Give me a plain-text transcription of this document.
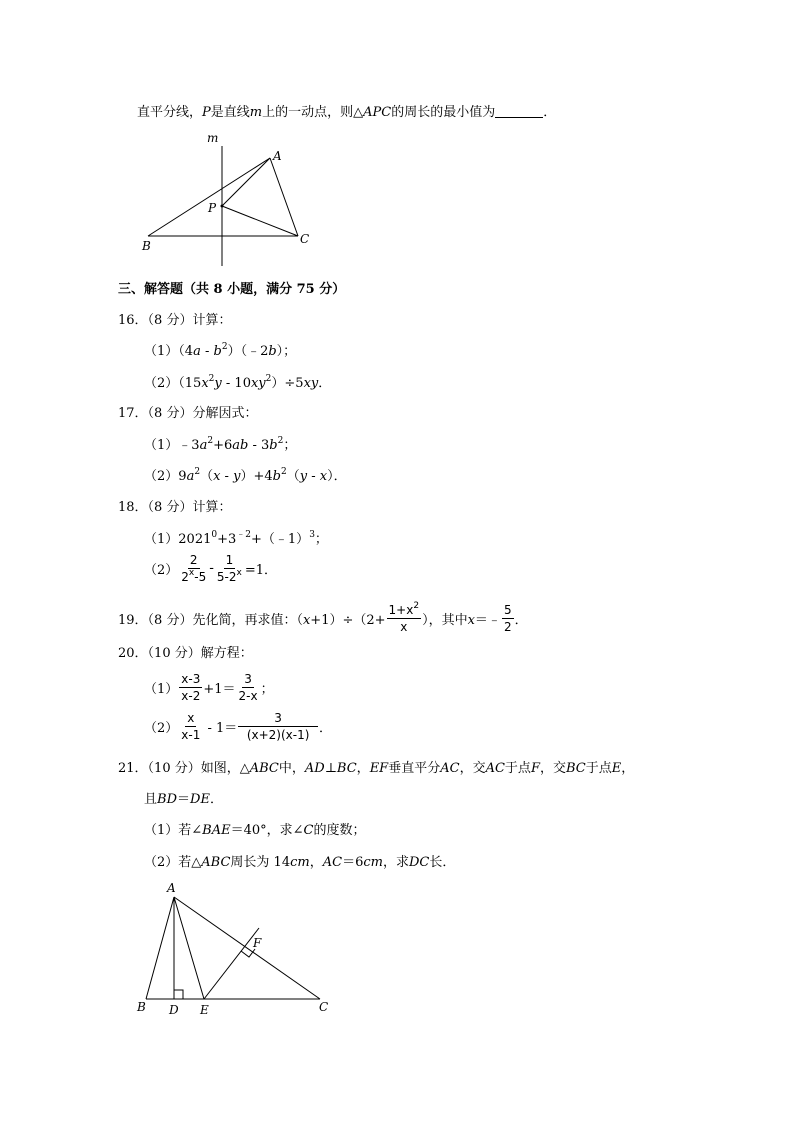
直平分线，P是直线m上的一动点，则△APC的周长的最小值为	．
m
A
P
B	C
三、解答题（共 8 小题，满分 75 分）
16．（8 分）计算：
$(1)(4a - b^2)(﹣2b)$；
$(2)(15x^2y - 10xy^2)\div 5xy$．
17．（8 分）分解因式：
$(1)﹣3a^2+6ab - 3b^2$；
$(2)9a^2(x - y)+4b^2(y - x)$．
18．（8 分）计算：
$(1)2021^0+3^{﹣2}+(﹣1)^3$；
$(2) \frac{2}{2^x-5} - \frac{1}{5-2^x} =1$．
19．（8 分）先化简，再求值：$(x+1)\div(2+ \frac{1+x^2}{x}$ ），其中x＝﹣ $\frac{5}{2}$ ．
20．（10 分）解方程：
$(1) \frac{x-3}{x-2} +1= \frac{3}{2-x}$ ；
$(2) \frac{x}{x-1} - 1= \frac{3}{(x+2)(x-1)}$ ．
21．（10 分）如图，△ABC中，AD⊥BC，EF垂直平分AC，交AC于点F，交BC于点E，
且BD＝DE．
（1）若∠BAE＝40°，求∠C的度数；
（2）若△ABC周长为 14cm，AC＝6cm，求DC长．
A
F
B D E	C
